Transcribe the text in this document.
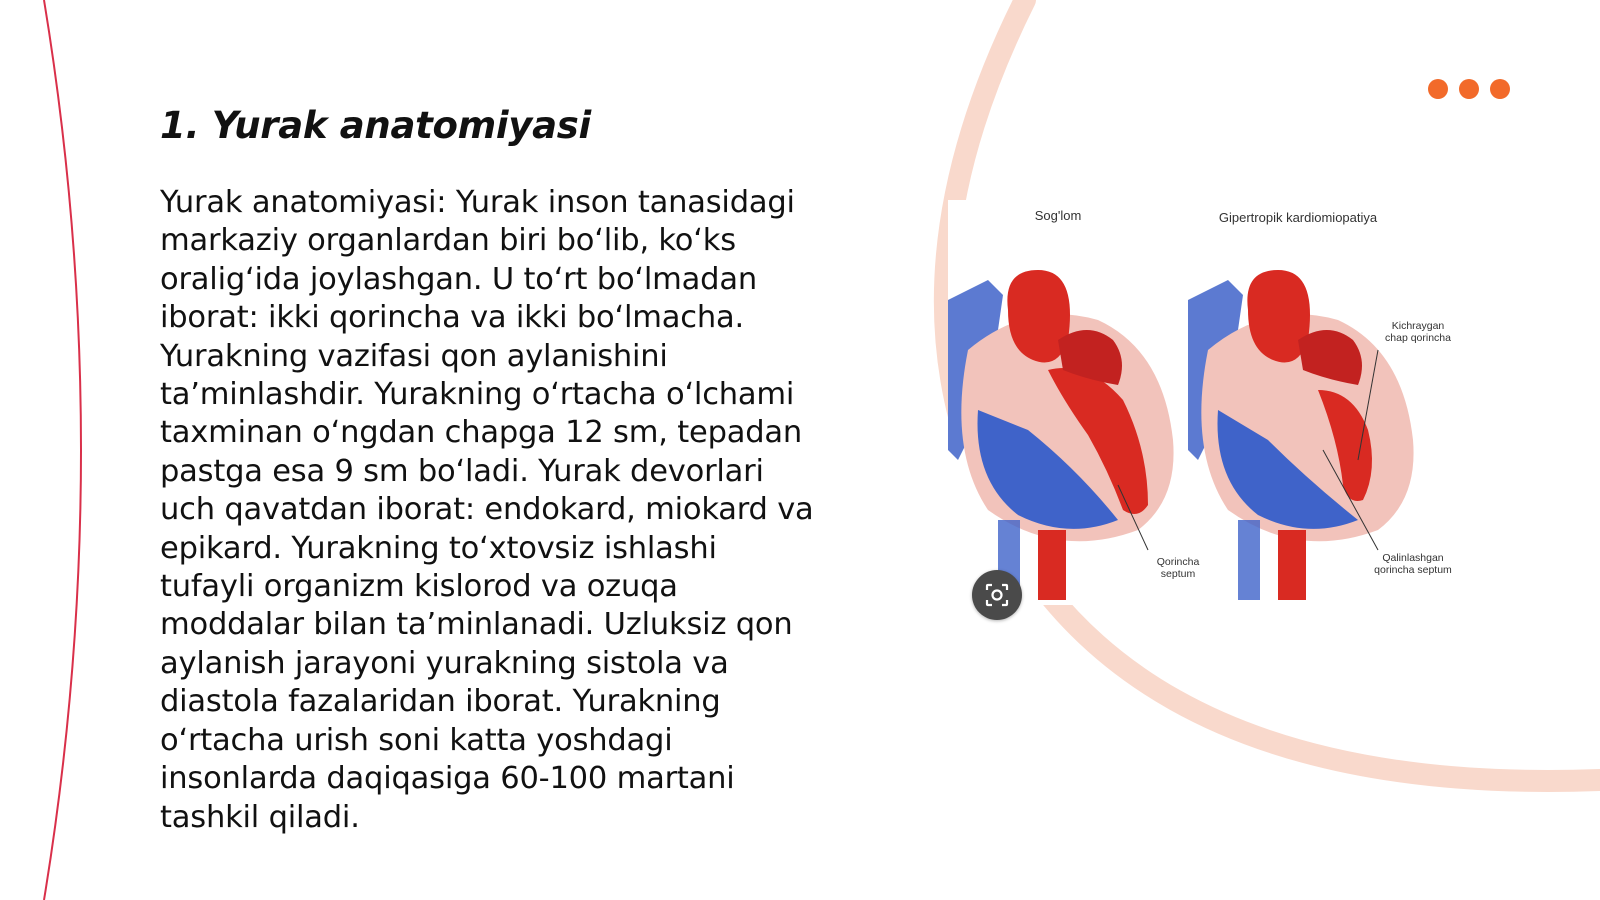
1. Yurak anatomiyasi

Yurak anatomiyasi: Yurak inson tanasidagi markaziy organlardan biri bo‘lib, ko‘ks oralig‘ida joylashgan. U to‘rt bo‘lmadan iborat: ikki qorincha va ikki bo‘lmacha. Yurakning vazifasi qon aylanishini ta’minlashdir. Yurakning o‘rtacha o‘lchami taxminan o‘ngdan chapga 12 sm, tepadan pastga esa 9 sm bo‘ladi. Yurak devorlari uch qavatdan iborat: endokard, miokard va epikard. Yurakning to‘xtovsiz ishlashi tufayli organizm kislorod va ozuqa moddalar bilan ta’minlanadi. Uzluksiz qon aylanish jarayoni yurakning sistola va diastola fazalaridan iborat. Yurakning o‘rtacha urish soni katta yoshdagi insonlarda daqiqasiga 60-100 martani tashkil qiladi.

Sog'lom	Gipertropik kardiomiopatiya
Kichraygan
chap qorincha
Qorincha
septum
Qalinlashgan
qorincha septum
